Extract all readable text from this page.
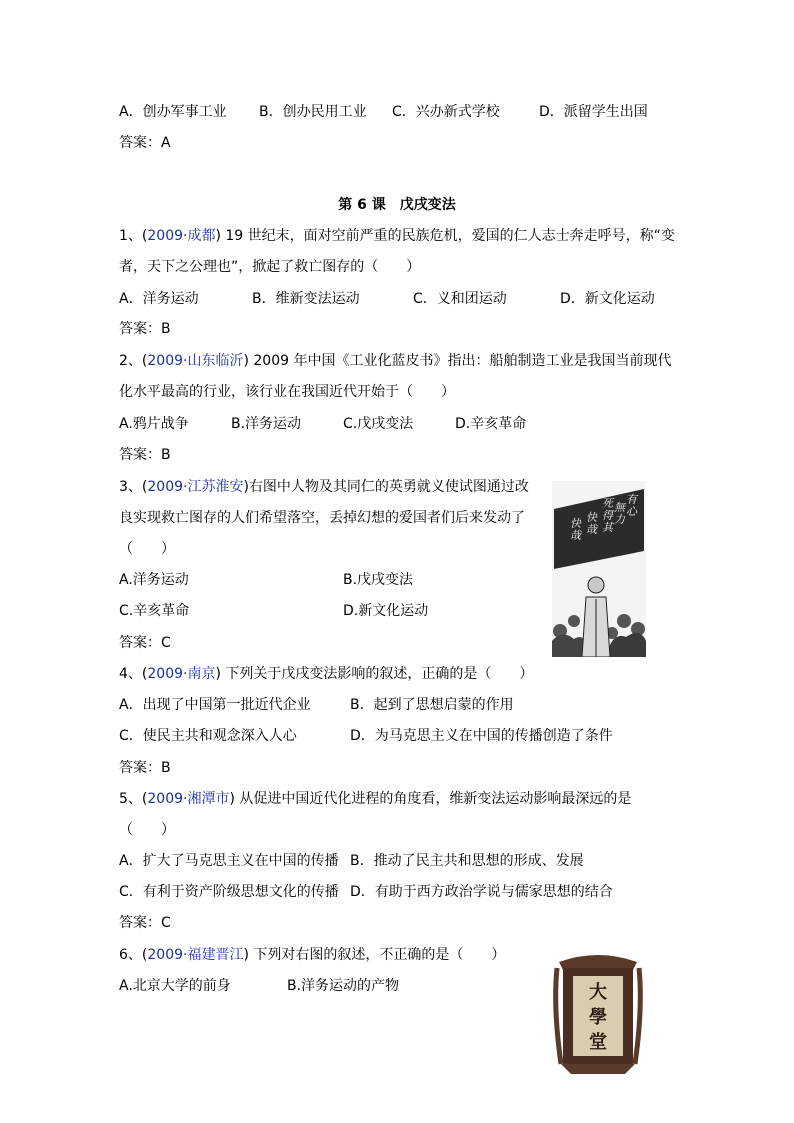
A．创办军事工业 B．创办民用工业 C．兴办新式学校	D．派留学生出国
答案：A
第 6 课　戊戌变法
1、(2009·成都) 19 世纪末，面对空前严重的民族危机，爱国的仁人志士奔走呼号，称“变
者，天下之公理也”，掀起了救亡图存的（　　）
A．洋务运动	B．维新变法运动	C．义和团运动	D．新文化运动
答案：B
2、(2009·山东临沂) 2009 年中国《工业化蓝皮书》指出：船舶制造工业是我国当前现代
化水平最高的行业，该行业在我国近代开始于（　　）
A.鸦片战争	B.洋务运动	C.戊戌变法	D.辛亥革命
答案：B
3、(2009·江苏淮安)右图中人物及其同仁的英勇就义使试图通过改
良实现救亡图存的人们希望落空，丢掉幻想的爱国者们后来发动了
（　　）
A.洋务运动	B.戊戌变法
C.辛亥革命	D.新文化运动
答案：C
有
心
無
力
死
得
其
快
哉
快
哉
4、(2009·南京) 下列关于戊戌变法影响的叙述，正确的是（　　）
A．出现了中国第一批近代企业	B．起到了思想启蒙的作用
C．使民主共和观念深入人心	D．为马克思主义在中国的传播创造了条件
答案：B
5、(2009·湘潭市) 从促进中国近代化进程的角度看，维新变法运动影响最深远的是
（　　）
A．扩大了马克思主义在中国的传播 B．推动了民主共和思想的形成、发展
C．有利于资产阶级思想文化的传播 D．有助于西方政治学说与儒家思想的结合
答案：C
6、(2009·福建晋江) 下列对右图的叙述，不正确的是（　　）
A.北京大学的前身	B.洋务运动的产物	大
學
堂
